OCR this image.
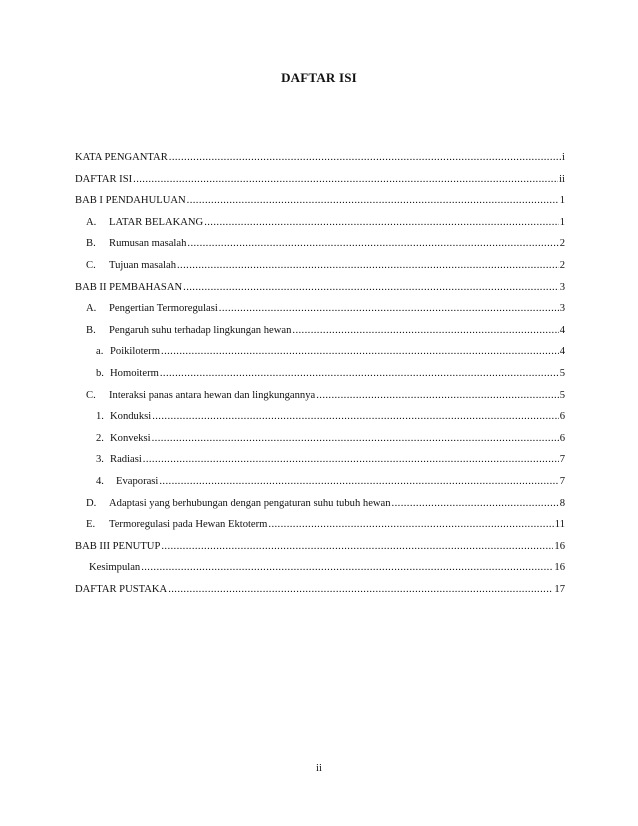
DAFTAR ISI
KATA PENGANTAR .....	i
DAFTAR ISI .....	ii
BAB I PENDAHULUAN .....	1
A.	LATAR BELAKANG .....	1
B.	Rumusan masalah .....	2
C.	Tujuan masalah .....	2
BAB II PEMBAHASAN .....	3
A.	Pengertian Termoregulasi .....	3
B.	Pengaruh suhu terhadap lingkungan hewan .....	4
a. Poikiloterm .....	4
b. Homoiterm .....	5
C.	Interaksi panas antara hewan dan lingkungannya .....	5
1. Konduksi .....	6
2. Konveksi .....	6
3. Radiasi .....	7
4.	Evaporasi .....	7
D.	Adaptasi yang berhubungan dengan pengaturan suhu tubuh hewan .....	8
E.	Termoregulasi pada Hewan Ektoterm .....	11
BAB III PENUTUP .....	16
Kesimpulan .....	16
DAFTAR PUSTAKA .....	17
ii
